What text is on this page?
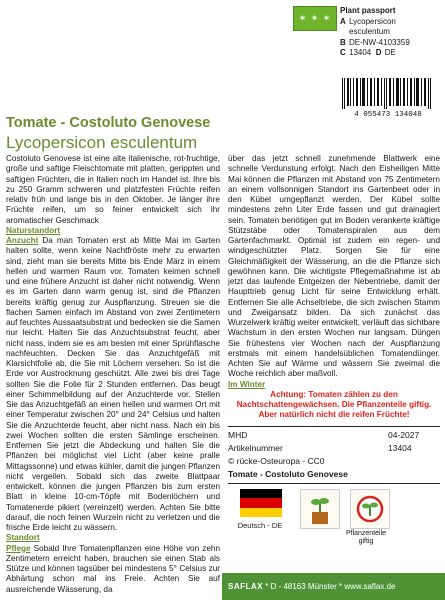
✶ ✶ ✶
Plant passport
A Lycopersicon
esculentum
B DE-NW-4103359
C 13404 D DE
4 055473 134048
Tomate - Costoluto Genovese
Lycopersicon esculentum

Costoluto Genovese ist eine alte italienische, rot-fruchtige, große und saftige Fleischtomate mit platten, gerippten und saftigen Früchten, die in Italien noch im Handel ist. Ihre bis zu 250 Gramm schweren und platzfesten Früchte reifen relativ früh und lange bis in den Oktober. Je länger ihre Früchte reifen, um so feiner entwickelt sich ihr aromatischer Geschmack

Naturstandort

Anzucht Da man Tomaten erst ab Mitte Mai im Garten halten sollte, wenn keine Nachtfröste mehr zu erwarten sind, zieht man sie bereits Mitte bis Ende März in einem hellen und warmen Raum vor. Tomaten keimen schnell und eine frühere Anzucht ist daher nicht notwendig. Wenn es im Garten dann warm genug ist, sind die Pflanzen bereits kräftig genug zur Auspflanzung. Streuen sie die flachen Samen einfach im Abstand von zwei Zentimetern auf feuchtes Aussaatsubstrat und bedecken sie die Samen nur leicht. Halten Sie das Anzuchtsubstrat feucht, aber nicht nass, indem sie es am besten mit einer Sprühflasche nachfeuchten. Decken Sie das Anzuchtgefäß mit Klarsichtfolie ab, die Sie mit Löchern versehen. So ist die Erde vor Austrocknung geschützt. Alle zwei bis drei Tage sollten Sie die Folie für 2 Stunden entfernen. Das beugt einer Schimmelbildung auf der Anzuchterde vor. Stellen Sie das Anzuchtgefäß an einen hellen und warmen Ort mit einer Temperatur zwischen 20° und 24° Celsius und halten Sie die Anzuchterde feucht, aber nicht nass. Nach ein bis zwei Wochen sollten die ersten Sämlinge erscheinen. Entfernen Sie jetzt die Abdeckung und halten Sie die Pflanzen bei möglichst viel Licht (aber keine pralle Mittagssonne) und etwas kühler, damit die jungen Pflanzen nicht vergeilen. Sobald sich das zweite Blattpaar entwickelt, können die jungen Pflanzen bis zum ersten Blatt in kleine 10-cm-Töpfe mit Bodenlöchern und Tomatenerde pikiert (vereinzelt) werden. Achten Sie bitte darauf, die noch feinen Wurzeln nicht zu verletzen und die frische Erde leicht zu wässern.

Standort

Pflege Sobald Ihre Tomatenpflanzen eine Höhe von zehn Zentimetern erreicht haben, brauchen sie einen Stab als Stütze und können tagsüber bei mindestens 5° Celsius zur Abhärtung schon mal ins Freie. Achten Sie auf ausreichende Wässerung, da

über das jetzt schnell zunehmende Blattwerk eine schnelle Verdunstung erfolgt. Nach den Eisheiligen Mitte Mai können die Pflanzen mit Abstand von 75 Zentimetern an einem vollsonnigen Standort ins Gartenbeet oder in den Kübel umgepflanzt werden. Der Kübel sollte mindestens zehn Liter Erde fassen und gut drainagiert sein. Tomaten benötigen gut im Boden verankerte kräftige Stützstäbe oder Tomatenspiralen aus dem Gartenfachmarkt. Optimal ist zudem ein regen- und windgeschützter Platz. Sorgen Sie für eine Gleichmäßigkeit der Wässerung, an die die Pflanze sich gewöhnen kann. Die wichtigste Pflegemaßnahme ist ab jetzt das laufende Entgeizen der Nebentriebe, damit der Haupttrieb genug Licht für seine Entwicklung erhält. Entfernen Sie alle Achseltriebe, die sich zwischen Stamm und Zweigansatz bilden. Da sich zunächst das Wurzelwerk kräftig weiter entwickelt, verläuft das sichtbare Wachstum in den ersten Wochen nur langsam. Düngen Sie frühestens vier Wochen nach der Auspflanzung erstmals mit einem handelsüblichen Tomatendünger. Achten Sie auf Wärme und wässern Sie zweimal die Woche reichlich aber maßvoll.

Im Winter

Achtung: Tomaten zählen zu den Nachtschattengewächsen. Die Pflanzenteile giftig. Aber natürlich nicht die reifen Früchte!

MHD	04-2027
Artikelnummer	13404
© rücke-Osteuropa - CC0
Tomate - Costoluto Genovese
Deutsch - DE
Pflanzenteile giftig
SAFLAX * D - 48163 Münster * www.saflax.de
